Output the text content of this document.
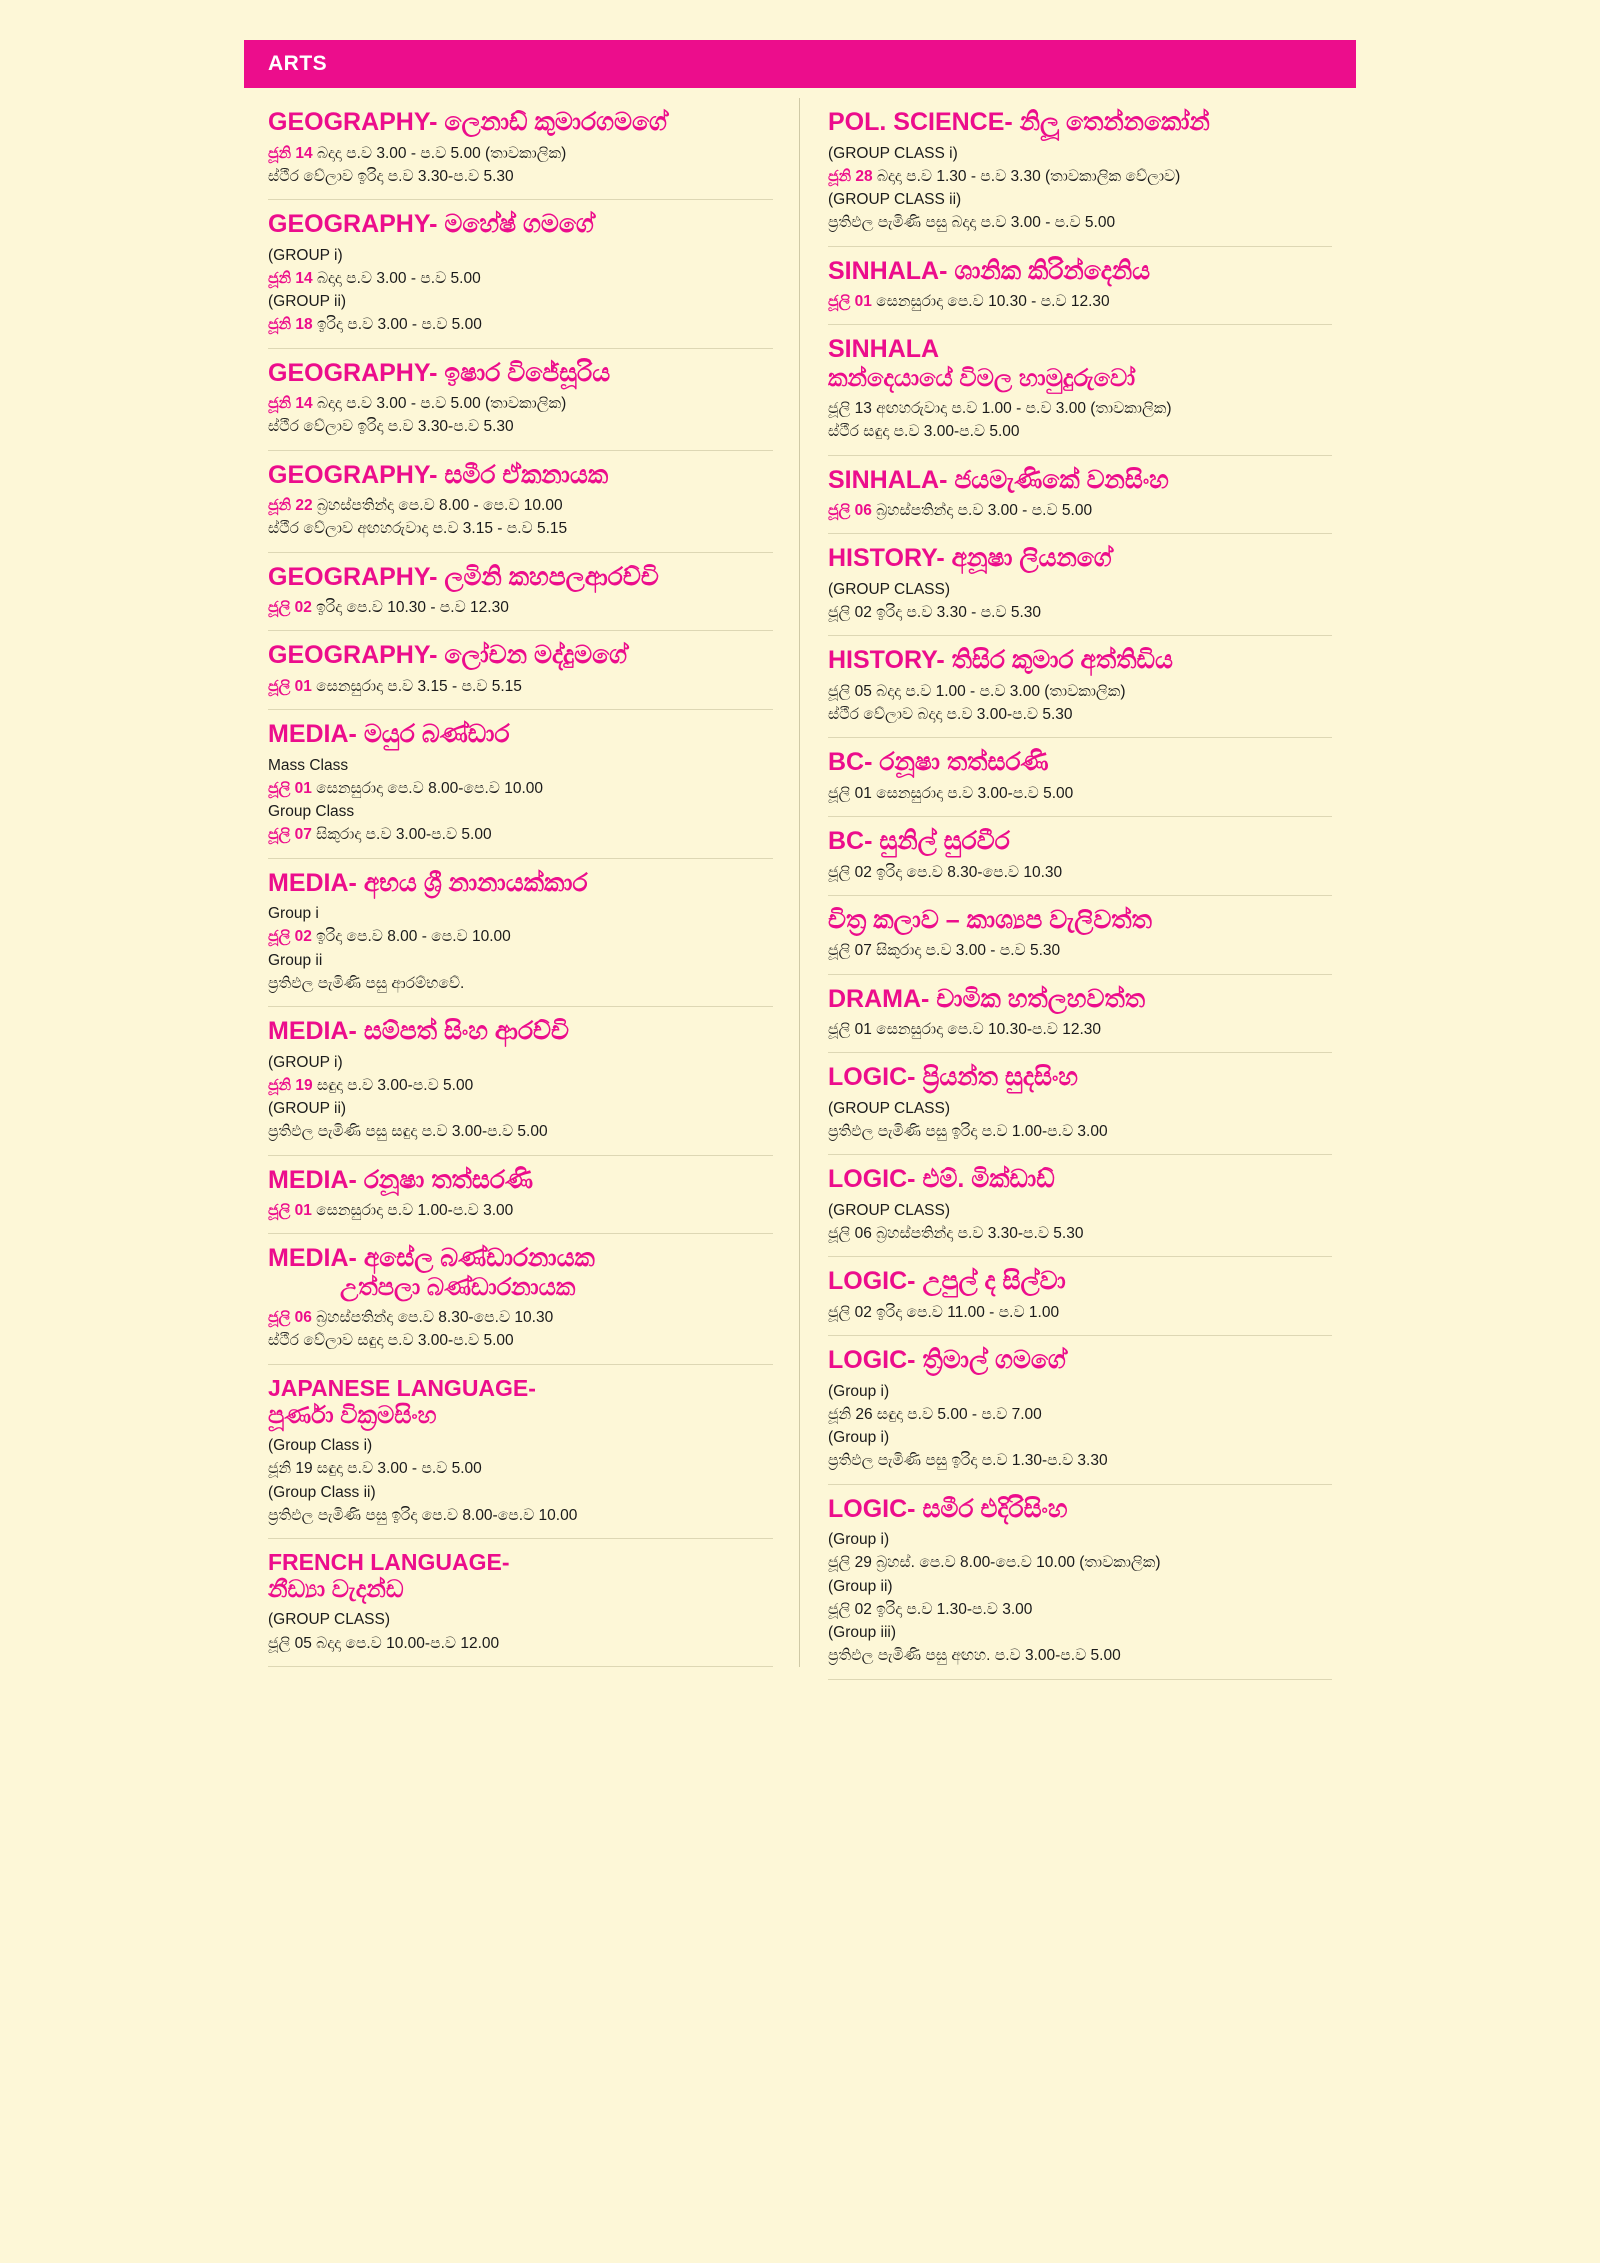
ARTS
GEOGRAPHY- ලෙනාඩ් කුමාරගමගේ
ජූනි 14 බදාදා ප.ව 3.00 - ප.ව 5.00 (තාවකාලික)
ස්ථීර වේලාව ඉරිදා ප.ව 3.30-ප.ව 5.30
GEOGRAPHY- මහේෂ් ගමගේ
(GROUP i)
ජූනි 14 බදාදා ප.ව 3.00 - ප.ව 5.00
(GROUP ii)
ජූනි 18 ඉරිදා ප.ව 3.00 - ප.ව 5.00
GEOGRAPHY- ඉෂාර විජේසූරිය
ජූනි 14 බදාදා ප.ව 3.00 - ප.ව 5.00 (තාවකාලික)
ස්ථීර වේලාව ඉරිදා ප.ව 3.30-ප.ව 5.30
GEOGRAPHY- සමීර ඒකනායක
ජූනි 22 බ්‍රහස්පතින්දා පෙ.ව 8.00 - පෙ.ව 10.00
ස්ථීර වේලාව අඟහරුවාදා ප.ව 3.15 - ප.ව 5.15
GEOGRAPHY- ලමිනි කහපලආරච්චි
ජූලි 02 ඉරිදා පෙ.ව 10.30 - ප.ව 12.30
GEOGRAPHY- ලෝචන මද්දුමගේ
ජූලි 01 සෙනසුරාදා ප.ව 3.15 - ප.ව 5.15
MEDIA- මයුර බණ්ඩාර
Mass Class
ජූලි 01 සෙනසුරාදා පෙ.ව 8.00-පෙ.ව 10.00
Group Class
ජූලි 07 සිකුරාදා ප.ව 3.00-ප.ව 5.00
MEDIA- අභය ශ්‍රී නානායක්කාර
Group i
ජූලි 02 ඉරිදා පෙ.ව 8.00 - පෙ.ව 10.00
Group ii
ප්‍රතිඵල පැමිණි පසු ආරම්භවේ.
MEDIA- සම්පත් සිංහ ආරච්චි
(GROUP i)
ජූනි 19 සඳුදා ප.ව 3.00-ප.ව 5.00
(GROUP ii)
ප්‍රතිඵල පැමිණි පසු සඳුදා ප.ව 3.00-ප.ව 5.00
MEDIA- රනූෂා තත්සරණි
ජූලි 01 සෙනසුරාදා ප.ව 1.00-ප.ව 3.00
MEDIA- අසේල බණ්ඩාරනායක
උත්පලා බණ්ඩාරනායක
ජූලි 06 බ්‍රහස්පතින්දා පෙ.ව 8.30-පෙ.ව 10.30
ස්ථීර වේලාව සඳුදා ප.ව 3.00-ප.ව 5.00
JAPANESE LANGUAGE-
පූර්ණා වික්‍රමසිංහ
(Group Class i)
ජූනි 19 සඳුදා ප.ව 3.00 - ප.ව 5.00
(Group Class ii)
ප්‍රතිඵල පැමිණි පසු ඉරිදා පෙ.ව 8.00-පෙ.ව 10.00
FRENCH LANGUAGE-
නීඩ්‍යා වැදන්ඩ
(GROUP CLASS)
ජූලි 05 බදාදා පෙ.ව 10.00-ප.ව 12.00
POL. SCIENCE- නිලූ තෙන්නකෝන්
(GROUP CLASS i)
ජූනි 28 බදාදා ප.ව 1.30 - ප.ව 3.30 (තාවකාලික වේලාව)
(GROUP CLASS ii)
ප්‍රතිඵල පැමිණි පසු බදාදා ප.ව 3.00 - ප.ව 5.00
SINHALA- ශානික කිරින්දෙනිය
ජූලි 01 සෙනසුරාදා පෙ.ව 10.30 - ප.ව 12.30
SINHALA
කන්දෙයායේ විමල හාමුදුරුවෝ
ජූලි 13 අඟහරුවාදා ප.ව 1.00 - ප.ව 3.00 (තාවකාලික)
ස්ථීර සඳුදා ප.ව 3.00-ප.ව 5.00
SINHALA- ජයමැණිකේ වනසිංහ
ජූලි 06 බ්‍රහස්පතින්දා ප.ව 3.00 - ප.ව 5.00
HISTORY- අනූෂා ලියනගේ
(GROUP CLASS)
ජූලි 02 ඉරිදා ප.ව 3.30 - ප.ව 5.30
HISTORY- තිසිර කුමාර අත්තිඩිය
ජූලි 05 බදාදා ප.ව 1.00 - ප.ව 3.00 (තාවකාලික)
ස්ථීර වේලාව බදාදා ප.ව 3.00-ප.ව 5.30
BC- රනූෂා තත්සරණි
ජූලි 01 සෙනසුරාදා ප.ව 3.00-ප.ව 5.00
BC- සුනිල් සුරවීර
ජූලි 02 ඉරිදා පෙ.ව 8.30-පෙ.ව 10.30
චිත්‍ර කලාව – කාශ්‍යප වැලිවත්ත
ජූලි 07 සිකුරාදා ප.ව 3.00 - ප.ව 5.30
DRAMA- චාමික හත්ලහවත්ත
ජූලි 01 සෙනසුරාදා පෙ.ව 10.30-ප.ව 12.30
LOGIC- ප්‍රියන්ත සුදසිංහ
(GROUP CLASS)
ප්‍රතිඵල පැමිණි පසු ඉරිදා ප.ව 1.00-ප.ව 3.00
LOGIC- එම්. මික්ඩාඩ්
(GROUP CLASS)
ජූලි 06 බ්‍රහස්පතින්දා ප.ව 3.30-ප.ව 5.30
LOGIC- උපුල් ද සිල්වා
ජූලි 02 ඉරිදා පෙ.ව 11.00 - ප.ව 1.00
LOGIC- ත්‍රිමාල් ගමගේ
(Group i)
ජූනි 26 සඳුදා ප.ව 5.00 - ප.ව 7.00
(Group i)
ප්‍රතිඵල පැමිණි පසු ඉරිදා ප.ව 1.30-ප.ව 3.30
LOGIC- සමීර එදිරිසිංහ
(Group i)
ජූලි 29 බ්‍රහස්. පෙ.ව 8.00-පෙ.ව 10.00 (තාවකාලික)
(Group ii)
ජූලි 02 ඉරිදා ප.ව 1.30-ප.ව 3.00
(Group iii)
ප්‍රතිඵල පැමිණි පසු අඟහ. ප.ව 3.00-ප.ව 5.00
